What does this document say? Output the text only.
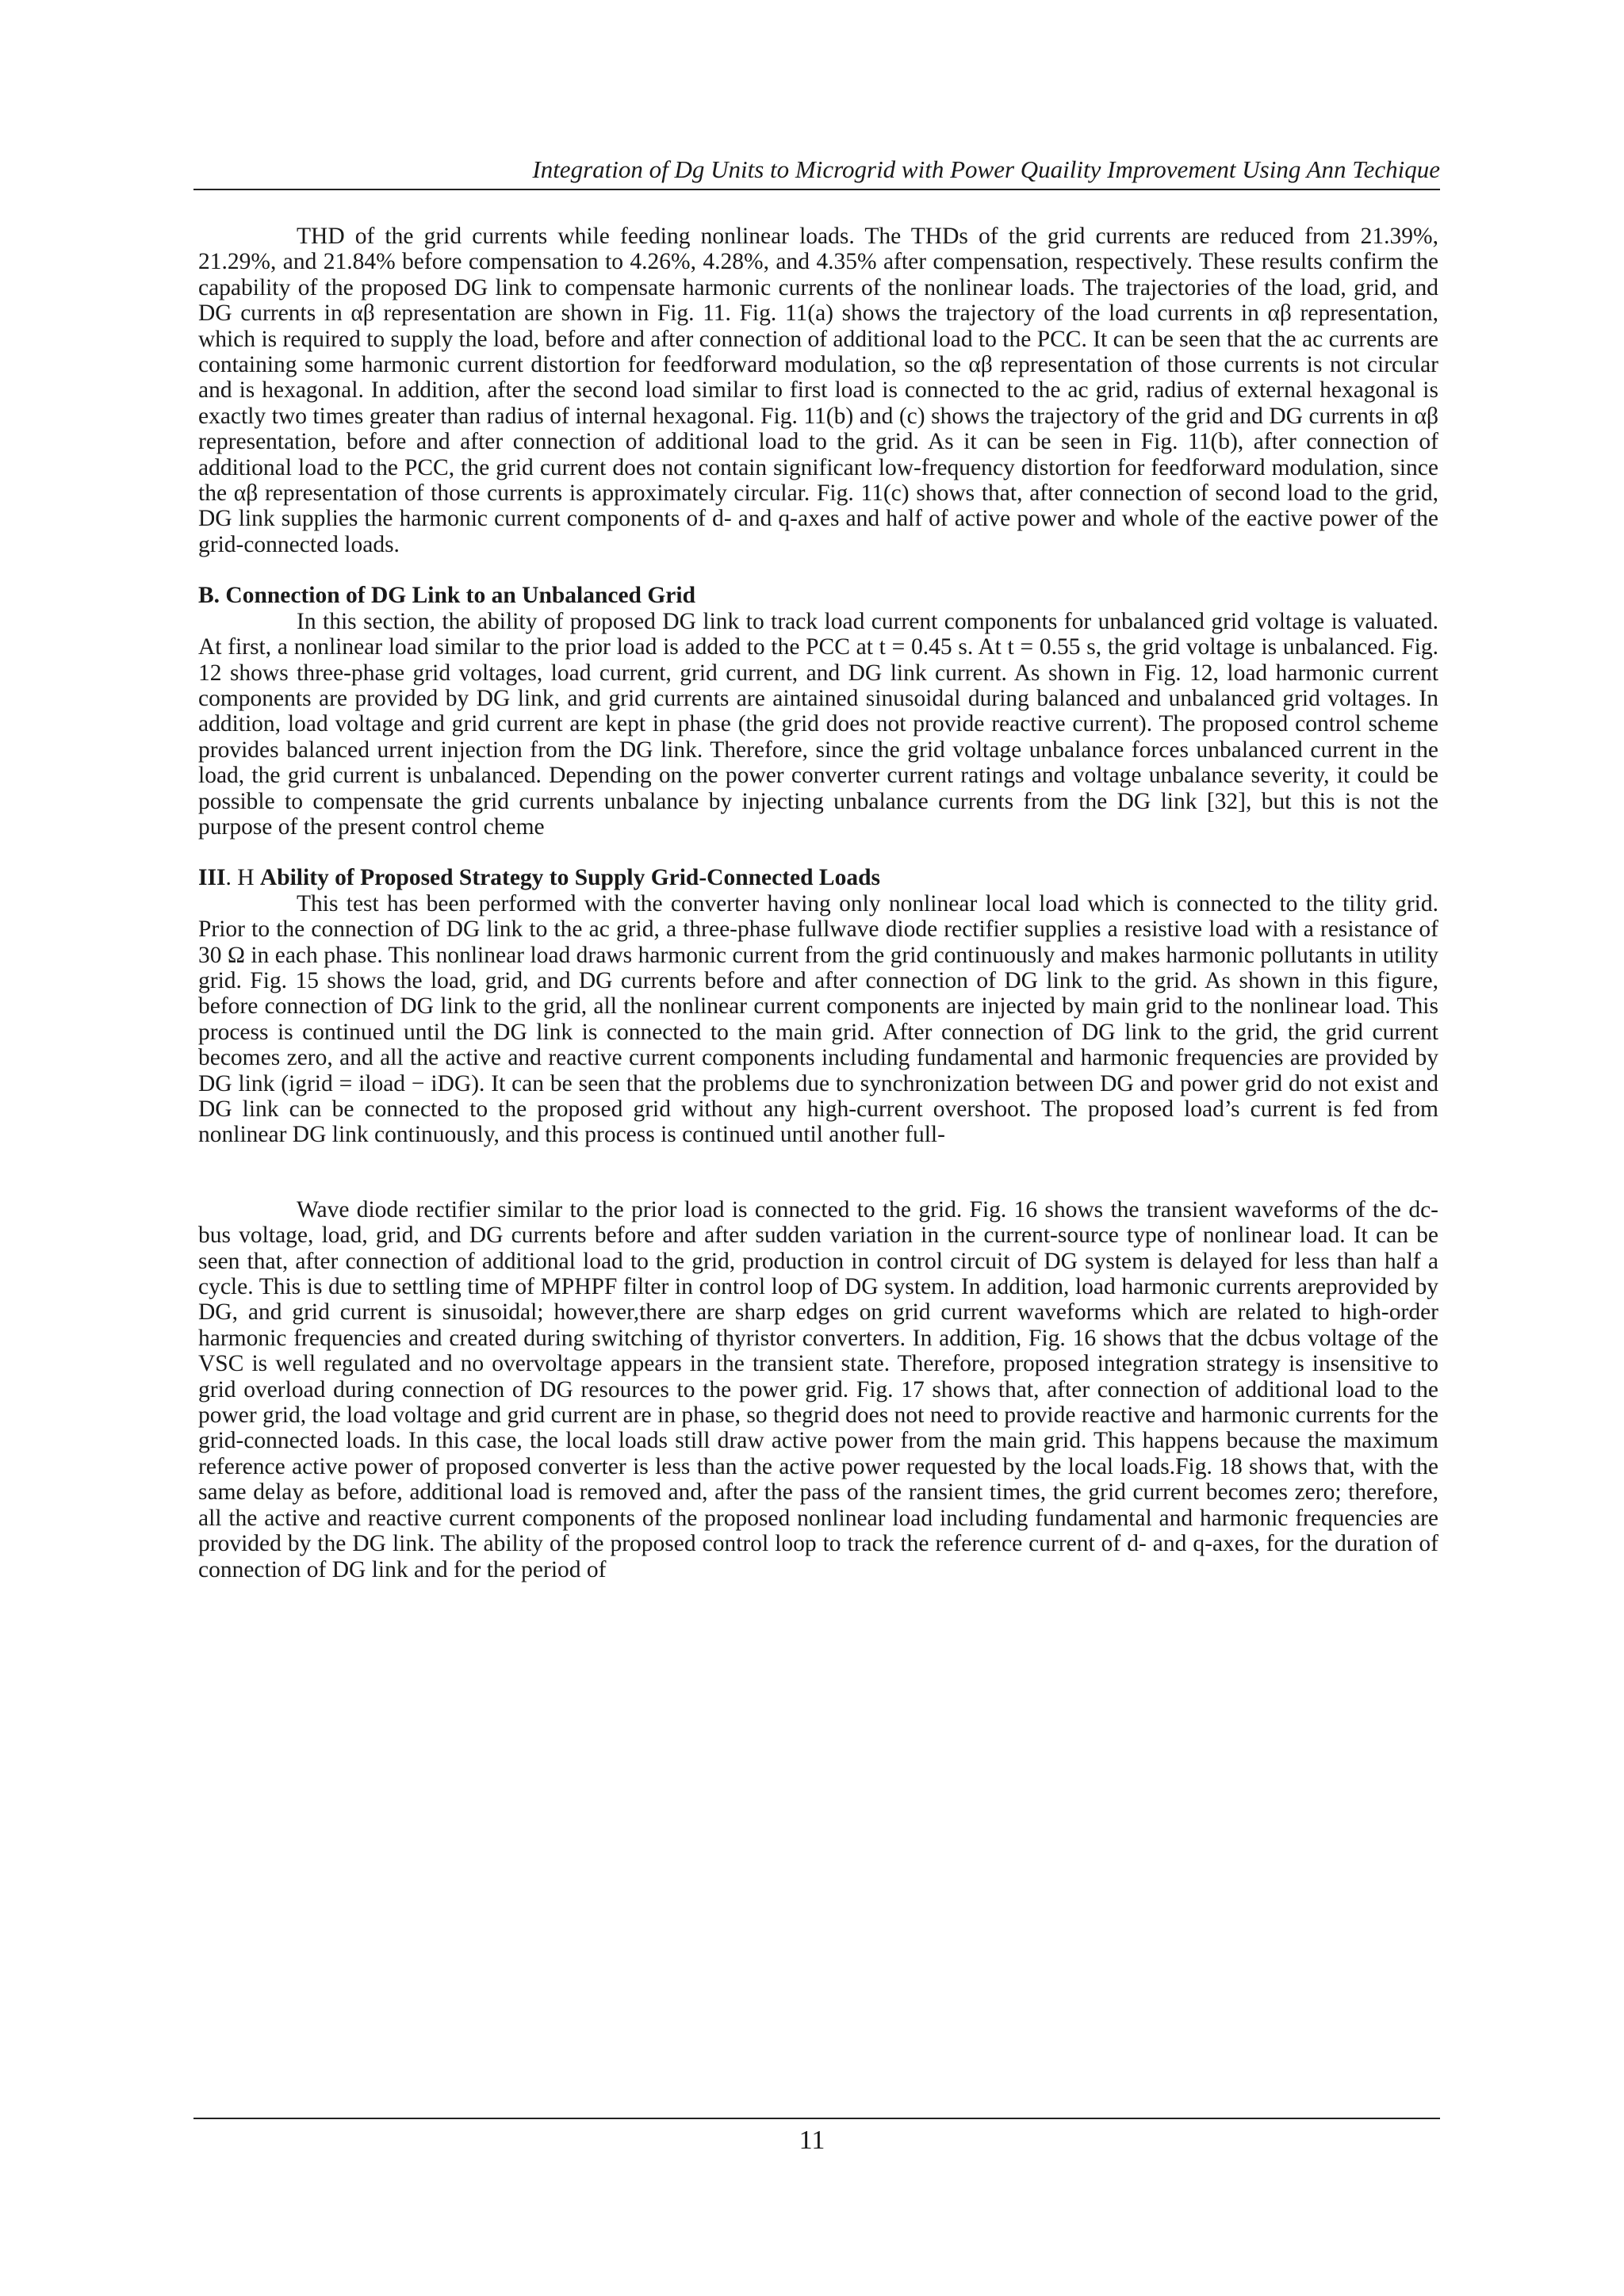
Integration of Dg Units to Microgrid with Power Quaility Improvement Using Ann Techique

THD of the grid currents while feeding nonlinear loads. The THDs of the grid currents are reduced from 21.39%, 21.29%, and 21.84% before compensation to 4.26%, 4.28%, and 4.35% after compensation, respectively. These results confirm the capability of the proposed DG link to compensate harmonic currents of the nonlinear loads. The trajectories of the load, grid, and DG currents in αβ representation are shown in Fig. 11. Fig. 11(a) shows the trajectory of the load currents in αβ representation, which is required to supply the load, before and after connection of additional load to the PCC. It can be seen that the ac currents are containing some harmonic current distortion for feedforward modulation, so the αβ representation of those currents is not circular and is hexagonal. In addition, after the second load similar to first load is connected to the ac grid, radius of external hexagonal is exactly two times greater than radius of internal hexagonal. Fig. 11(b) and (c) shows the trajectory of the grid and DG currents in αβ representation, before and after connection of additional load to the grid. As it can be seen in Fig. 11(b), after connection of additional load to the PCC, the grid current does not contain significant low-frequency distortion for feedforward modulation, since the αβ representation of those currents is approximately circular. Fig. 11(c) shows that, after connection of second load to the grid, DG link supplies the harmonic current components of d- and q-axes and half of active power and whole of the eactive power of the grid-connected loads.

B. Connection of DG Link to an Unbalanced Grid

In this section, the ability of proposed DG link to track load current components for unbalanced grid voltage is valuated. At first, a nonlinear load similar to the prior load is added to the PCC at t = 0.45 s. At t = 0.55 s, the grid voltage is unbalanced. Fig. 12 shows three-phase grid voltages, load current, grid current, and DG link current. As shown in Fig. 12, load harmonic current components are provided by DG link, and grid currents are aintained sinusoidal during balanced and unbalanced grid voltages. In addition, load voltage and grid current are kept in phase (the grid does not provide reactive current). The proposed control scheme provides balanced urrent injection from the DG link. Therefore, since the grid voltage unbalance forces unbalanced current in the load, the grid current is unbalanced. Depending on the power converter current ratings and voltage unbalance severity, it could be possible to compensate the grid currents unbalance by injecting unbalance currents from the DG link [32], but this is not the purpose of the present control cheme

III. H Ability of Proposed Strategy to Supply Grid-Connected Loads

This test has been performed with the converter having only nonlinear local load which is connected to the tility grid. Prior to the connection of DG link to the ac grid, a three-phase fullwave diode rectifier supplies a resistive load with a resistance of 30 Ω in each phase. This nonlinear load draws harmonic current from the grid continuously and makes harmonic pollutants in utility grid. Fig. 15 shows the load, grid, and DG currents before and after connection of DG link to the grid. As shown in this figure, before connection of DG link to the grid, all the nonlinear current components are injected by main grid to the nonlinear load. This process is continued until the DG link is connected to the main grid. After connection of DG link to the grid, the grid current becomes zero, and all the active and reactive current components including fundamental and harmonic frequencies are provided by DG link (igrid = iload − iDG). It can be seen that the problems due to synchronization between DG and power grid do not exist and DG link can be connected to the proposed grid without any high-current overshoot. The proposed load’s current is fed from nonlinear DG link continuously, and this process is continued until another full-

Wave diode rectifier similar to the prior load is connected to the grid. Fig. 16 shows the transient waveforms of the dc-bus voltage, load, grid, and DG currents before and after sudden variation in the current-source type of nonlinear load. It can be seen that, after connection of additional load to the grid, production in control circuit of DG system is delayed for less than half a cycle. This is due to settling time of MPHPF filter in control loop of DG system. In addition, load harmonic currents areprovided by DG, and grid current is sinusoidal; however,there are sharp edges on grid current waveforms which are related to high-order harmonic frequencies and created during switching of thyristor converters. In addition, Fig. 16 shows that the dcbus voltage of the VSC is well regulated and no overvoltage appears in the transient state. Therefore, proposed integration strategy is insensitive to grid overload during connection of DG resources to the power grid. Fig. 17 shows that, after connection of additional load to the power grid, the load voltage and grid current are in phase, so thegrid does not need to provide reactive and harmonic currents for the grid-connected loads. In this case, the local loads still draw active power from the main grid. This happens because the maximum reference active power of proposed converter is less than the active power requested by the local loads.Fig. 18 shows that, with the same delay as before, additional load is removed and, after the pass of the ransient times, the grid current becomes zero; therefore, all the active and reactive current components of the proposed nonlinear load including fundamental and harmonic frequencies are provided by the DG link. The ability of the proposed control loop to track the reference current of d- and q-axes, for the duration of connection of DG link and for the period of

11
